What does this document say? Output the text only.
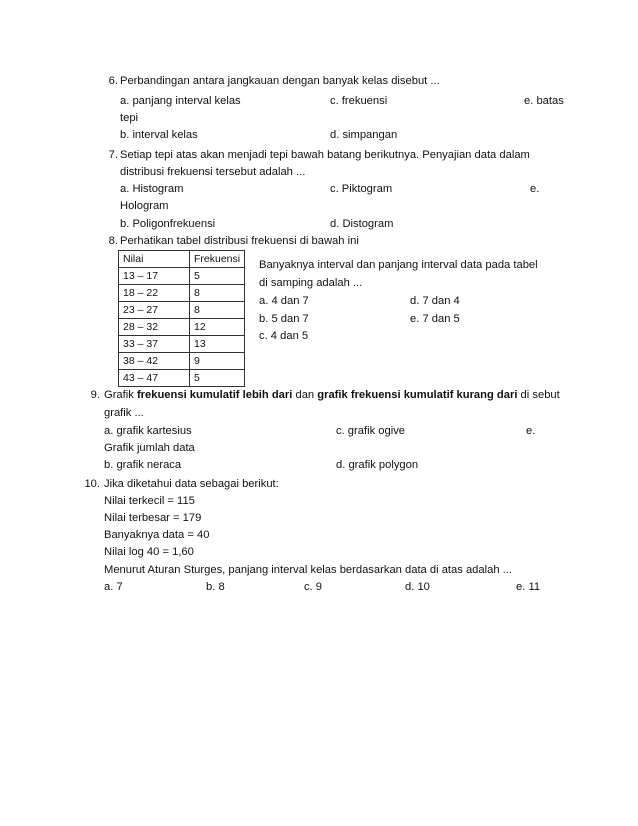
6. Perbandingan antara jangkauan dengan banyak kelas disebut ...
a. panjang interval kelas	c. frekuensi	e. batas
tepi
b. interval kelas	d. simpangan
7. Setiap tepi atas akan menjadi tepi bawah batang berikutnya. Penyajian data dalam
distribusi frekuensi tersebut adalah ...
a. Histogram	c. Piktogram	e.
Hologram
b. Poligonfrekuensi	d. Distogram
8. Perhatikan tabel distribusi frekuensi di bawah ini
Nilai	Frekuensi
13 – 17	5
18 – 22	8
23 – 27	8
28 – 32	12
33 – 37	13
38 – 42	9
43 – 47	5
Banyaknya interval dan panjang interval data pada tabel
di samping adalah ...
a. 4 dan 7	d. 7 dan 4
b. 5 dan 7	e. 7 dan 5
c. 4 dan 5
9. Grafik frekuensi kumulatif lebih dari dan grafik frekuensi kumulatif kurang dari di sebut
grafik ...
a. grafik kartesius	c. grafik ogive	e.
Grafik jumlah data
b. grafik neraca	d. grafik polygon
10. Jika diketahui data sebagai berikut:
Nilai terkecil = 115
Nilai terbesar = 179
Banyaknya data = 40
Nilai log 40 = 1,60
Menurut Aturan Sturges, panjang interval kelas berdasarkan data di atas adalah ...
a. 7	b. 8	c. 9	d. 10	e. 11
